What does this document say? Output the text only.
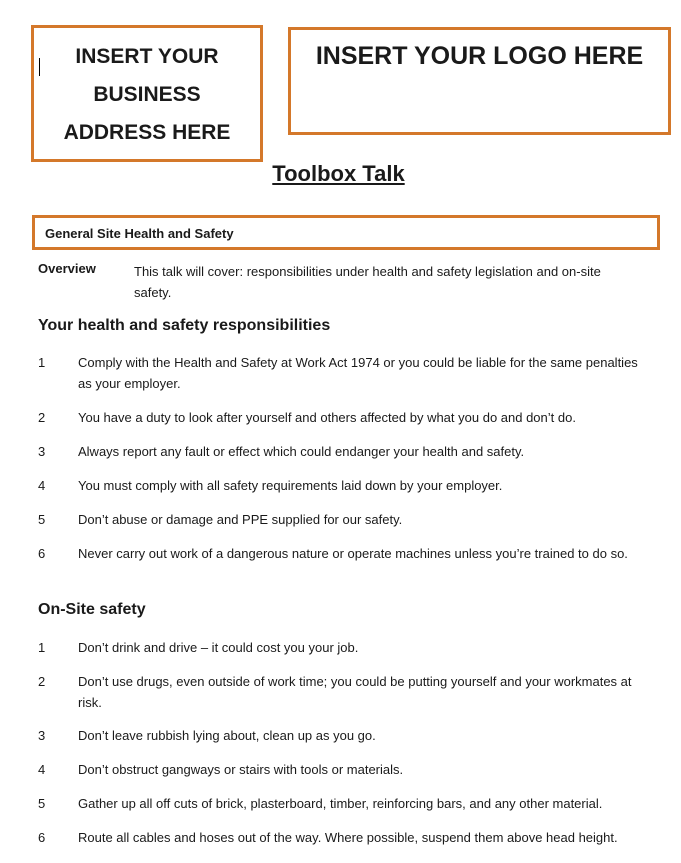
INSERT YOUR
BUSINESS
ADDRESS HERE
INSERT YOUR LOGO HERE
Toolbox Talk
General Site Health and Safety
Overview	This talk will cover: responsibilities under health and safety legislation and on-site safety.
Your health and safety responsibilities
1	Comply with the Health and Safety at Work Act 1974 or you could be liable for the same penalties as your employer.
2	You have a duty to look after yourself and others affected by what you do and don’t do.
3	Always report any fault or effect which could endanger your health and safety.
4	You must comply with all safety requirements laid down by your employer.
5	Don’t abuse or damage and PPE supplied for our safety.
6	Never carry out work of a dangerous nature or operate machines unless you’re trained to do so.
On-Site safety
1	Don’t drink and drive – it could cost you your job.
2	Don’t use drugs, even outside of work time; you could be putting yourself and your workmates at risk.
3	Don’t leave rubbish lying about, clean up as you go.
4	Don’t obstruct gangways or stairs with tools or materials.
5	Gather up all off cuts of brick, plasterboard, timber, reinforcing bars, and any other material.
6	Route all cables and hoses out of the way. Where possible, suspend them above head height.
